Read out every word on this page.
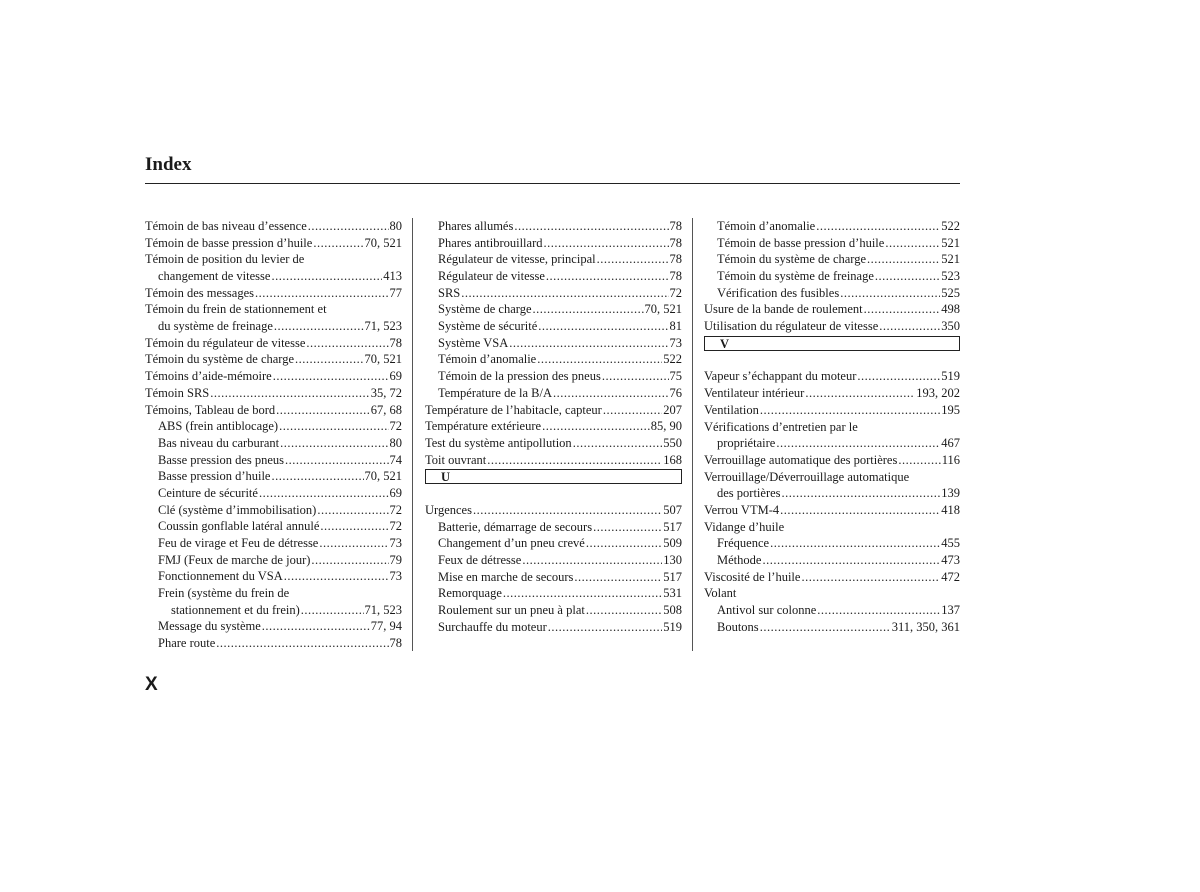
Index
Témoin de bas niveau d’essence .....	80
Témoin de basse pression d’huile .....	70, 521
Témoin de position du levier de
changement de vitesse .....	413
Témoin des messages .....	77
Témoin du frein de stationnement et
du système de freinage .....	71, 523
Témoin du régulateur de vitesse .....	78
Témoin du système de charge .....	70, 521
Témoins d’aide-mémoire .....	69
Témoin SRS .....	35, 72
Témoins, Tableau de bord .....	67, 68
ABS (frein antiblocage) .....	72
Bas niveau du carburant .....	80
Basse pression des pneus .....	74
Basse pression d’huile .....	70, 521
Ceinture de sécurité .....	69
Clé (système d’immobilisation) .....	72
Coussin gonflable latéral annulé .....	72
Feu de virage et Feu de détresse .....	73
FMJ (Feux de marche de jour) .....	79
Fonctionnement du VSA .....	73
Frein (système du frein de
stationnement et du frein) .....	71, 523
Message du système .....	77, 94
Phare route .....	78
Phares allumés .....	78
Phares antibrouillard .....	78
Régulateur de vitesse, principal .....	78
Régulateur de vitesse .....	78
SRS .....	72
Système de charge .....	70, 521
Système de sécurité .....	81
Système VSA .....	73
Témoin d’anomalie .....	522
Témoin de la pression des pneus .....	75
Température de la B/A .....	76
Température de l’habitacle, capteur .....	207
Température extérieure .....	85, 90
Test du système antipollution .....	550
Toit ouvrant .....	168
U
Urgences .....	507
Batterie, démarrage de secours .....	517
Changement d’un pneu crevé .....	509
Feux de détresse .....	130
Mise en marche de secours .....	517
Remorquage .....	531
Roulement sur un pneu à plat .....	508
Surchauffe du moteur .....	519
Témoin d’anomalie .....	522
Témoin de basse pression d’huile .....	521
Témoin du système de charge .....	521
Témoin du système de freinage .....	523
Vérification des fusibles .....	525
Usure de la bande de roulement .....	498
Utilisation du régulateur de vitesse .....	350
V
Vapeur s’échappant du moteur .....	519
Ventilateur intérieur .....	193, 202
Ventilation .....	195
Vérifications d’entretien par le
propriétaire .....	467
Verrouillage automatique des portières .....	116
Verrouillage/Déverrouillage automatique
des portières .....	139
Verrou VTM-4 .....	418
Vidange d’huile
Fréquence .....	455
Méthode .....	473
Viscosité de l’huile .....	472
Volant
Antivol sur colonne .....	137
Boutons .....	311, 350, 361
X
